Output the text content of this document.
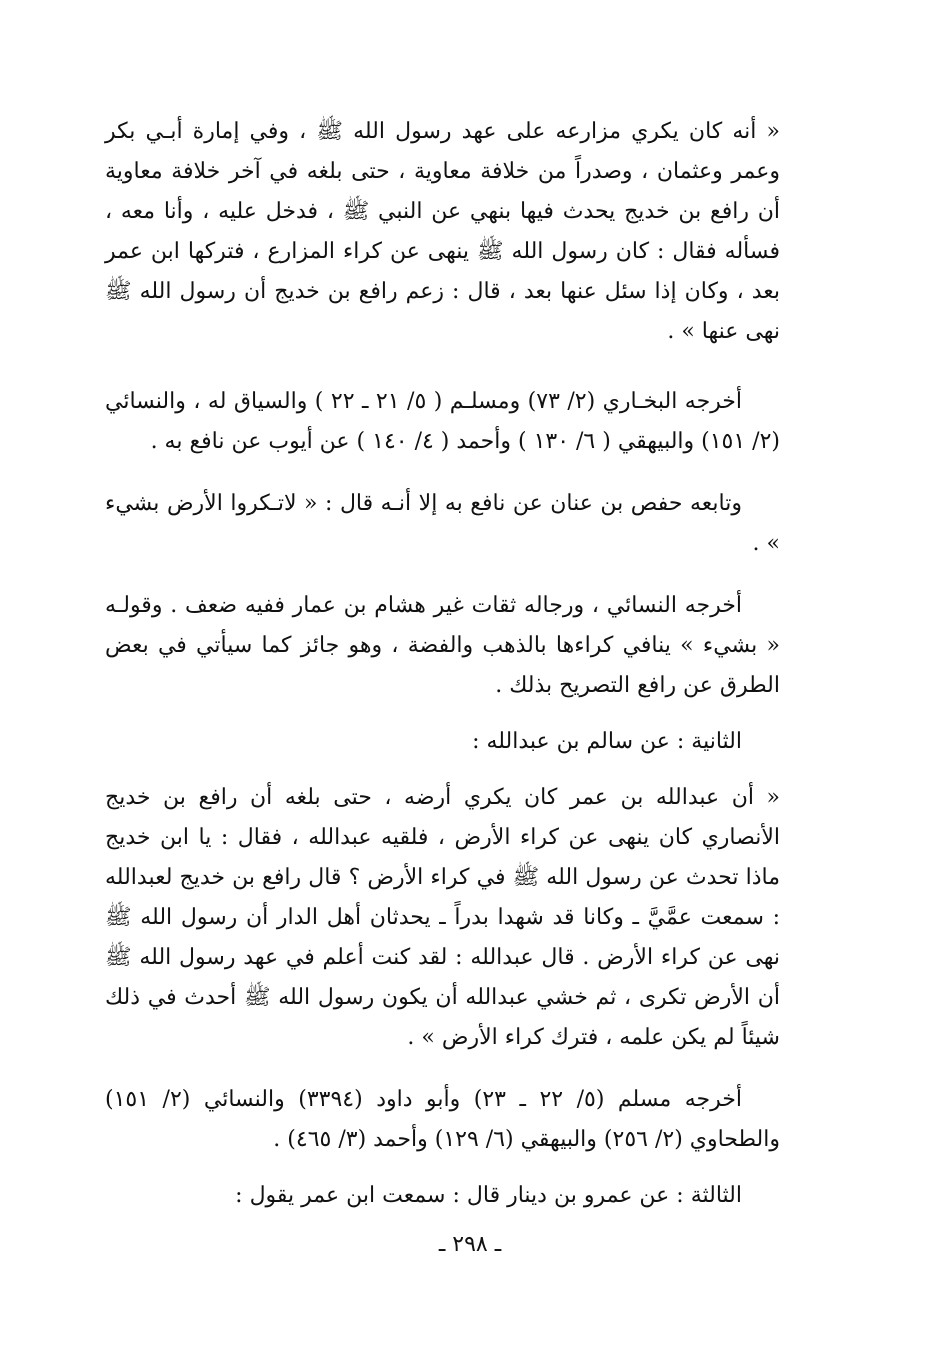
« أنه كان يكري مزارعه على عهد رسول الله ﷺ ، وفي إمارة أبـي بكر وعمر وعثمان ، وصدراً من خلافة معاوية ، حتى بلغه في آخر خلافة معاوية أن رافع بن خديج يحدث فيها بنهي عن النبي ﷺ ، فدخل عليه ، وأنا معه ، فسأله فقال : كان رسول الله ﷺ ينهى عن كراء المزارع ، فتركها ابن عمر بعد ، وكان إذا سئل عنها بعد ، قال : زعم رافع بن خديج أن رسول الله ﷺ نهى عنها » .

أخرجه البخـاري (٢/ ٧٣) ومسلـم ( ٥/ ٢١ ـ ٢٢ ) والسياق له ، والنسائي (٢/ ١٥١) والبيهقي ( ٦/ ١٣٠ ) وأحمد ( ٤/ ١٤٠ ) عن أيوب عن نافع به .

وتابعه حفص بن عنان عن نافع به إلا أنـه قال : « لاتـكروا الأرض بشيء » .

أخرجه النسائي ، ورجاله ثقات غير هشام بن عمار ففيه ضعف . وقولـه « بشيء » ينافي كراءها بالذهب والفضة ، وهو جائز كما سيأتي في بعض الطرق عن رافع التصريح بذلك .

الثانية : عن سالم بن عبدالله :

« أن عبدالله بن عمر كان يكري أرضه ، حتى بلغه أن رافع بن خديج الأنصاري كان ينهى عن كراء الأرض ، فلقيه عبدالله ، فقال : يا ابن خديج ماذا تحدث عن رسول الله ﷺ في كراء الأرض ؟ قال رافع بن خديج لعبدالله : سمعت عمَّيَّ ـ وكانا قد شهدا بدراً ـ يحدثان أهل الدار أن رسول الله ﷺ نهى عن كراء الأرض . قال عبدالله : لقد كنت أعلم في عهد رسول الله ﷺ أن الأرض تكرى ، ثم خشي عبدالله أن يكون رسول الله ﷺ أحدث في ذلك شيئاً لم يكن علمه ، فترك كراء الأرض » .

أخرجه مسلم (٥/ ٢٢ ـ ٢٣) وأبو داود (٣٣٩٤) والنسائي (٢/ ١٥١) والطحاوي (٢/ ٢٥٦) والبيهقي (٦/ ١٢٩) وأحمد (٣/ ٤٦٥) .

الثالثة : عن عمرو بن دينار قال : سمعت ابن عمر يقول :

ـ ٢٩٨ ـ
